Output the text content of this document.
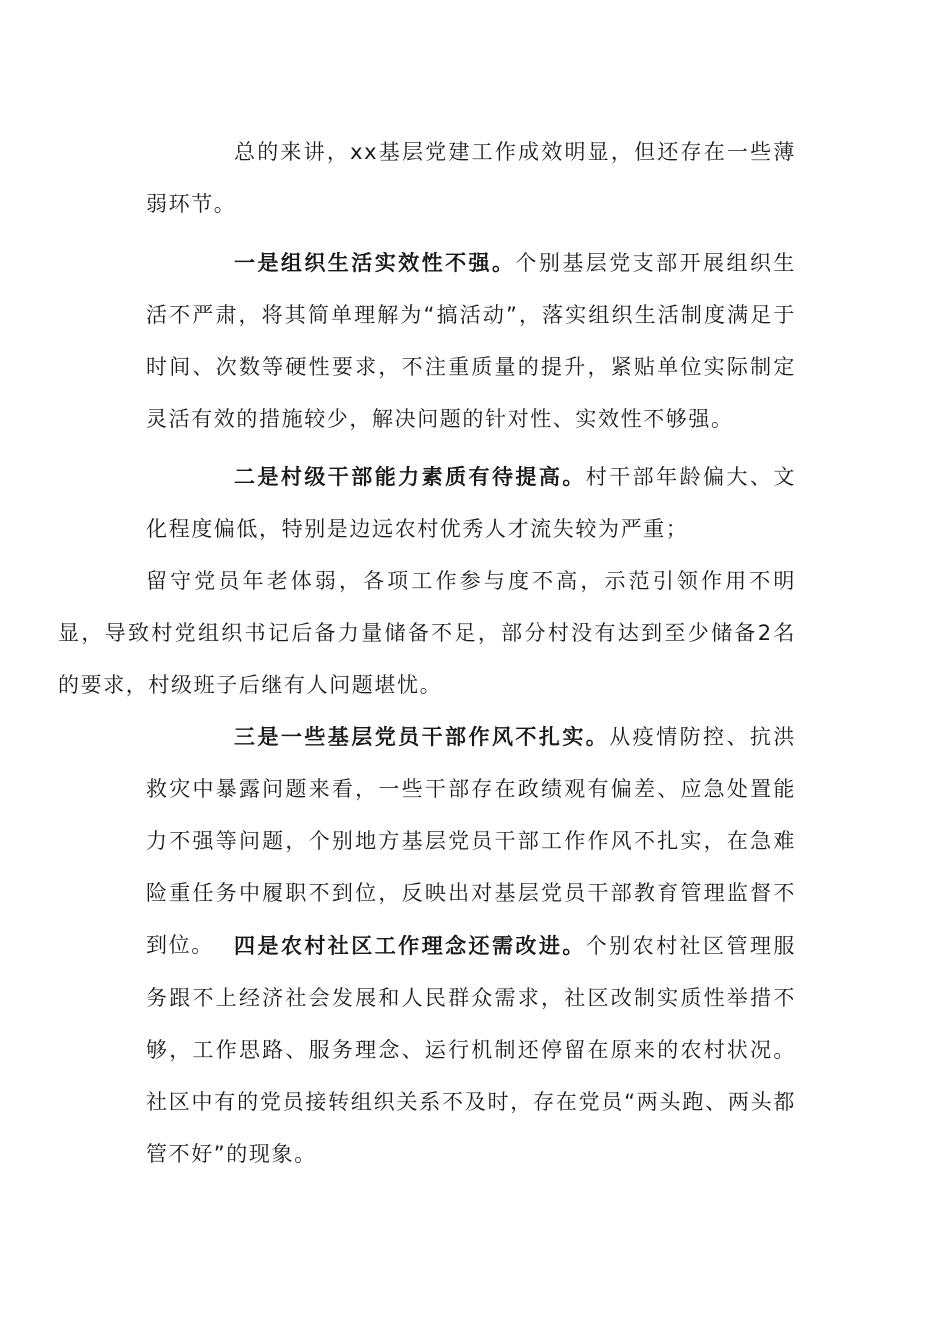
总的来讲，xx基层党建工作成效明显，但还存在一些薄弱环节。

一是组织生活实效性不强。个别基层党支部开展组织生活不严肃，将其简单理解为“搞活动”，落实组织生活制度满足于时间、次数等硬性要求，不注重质量的提升，紧贴单位实际制定灵活有效的措施较少，解决问题的针对性、实效性不够强。

二是村级干部能力素质有待提高。村干部年龄偏大、文化程度偏低，特别是边远农村优秀人才流失较为严重；
留守党员年老体弱，各项工作参与度不高，示范引领作用不明显，导致村党组织书记后备力量储备不足，部分村没有达到至少储备2名的要求，村级班子后继有人问题堪忧。

三是一些基层党员干部作风不扎实。从疫情防控、抗洪救灾中暴露问题来看，一些干部存在政绩观有偏差、应急处置能力不强等问题，个别地方基层党员干部工作作风不扎实，在急难险重任务中履职不到位，反映出对基层党员干部教育管理监督不到位。 四是农村社区工作理念还需改进。个别农村社区管理服务跟不上经济社会发展和人民群众需求，社区改制实质性举措不够，工作思路、服务理念、运行机制还停留在原来的农村状况。社区中有的党员接转组织关系不及时，存在党员“两头跑、两头都管不好”的现象。
